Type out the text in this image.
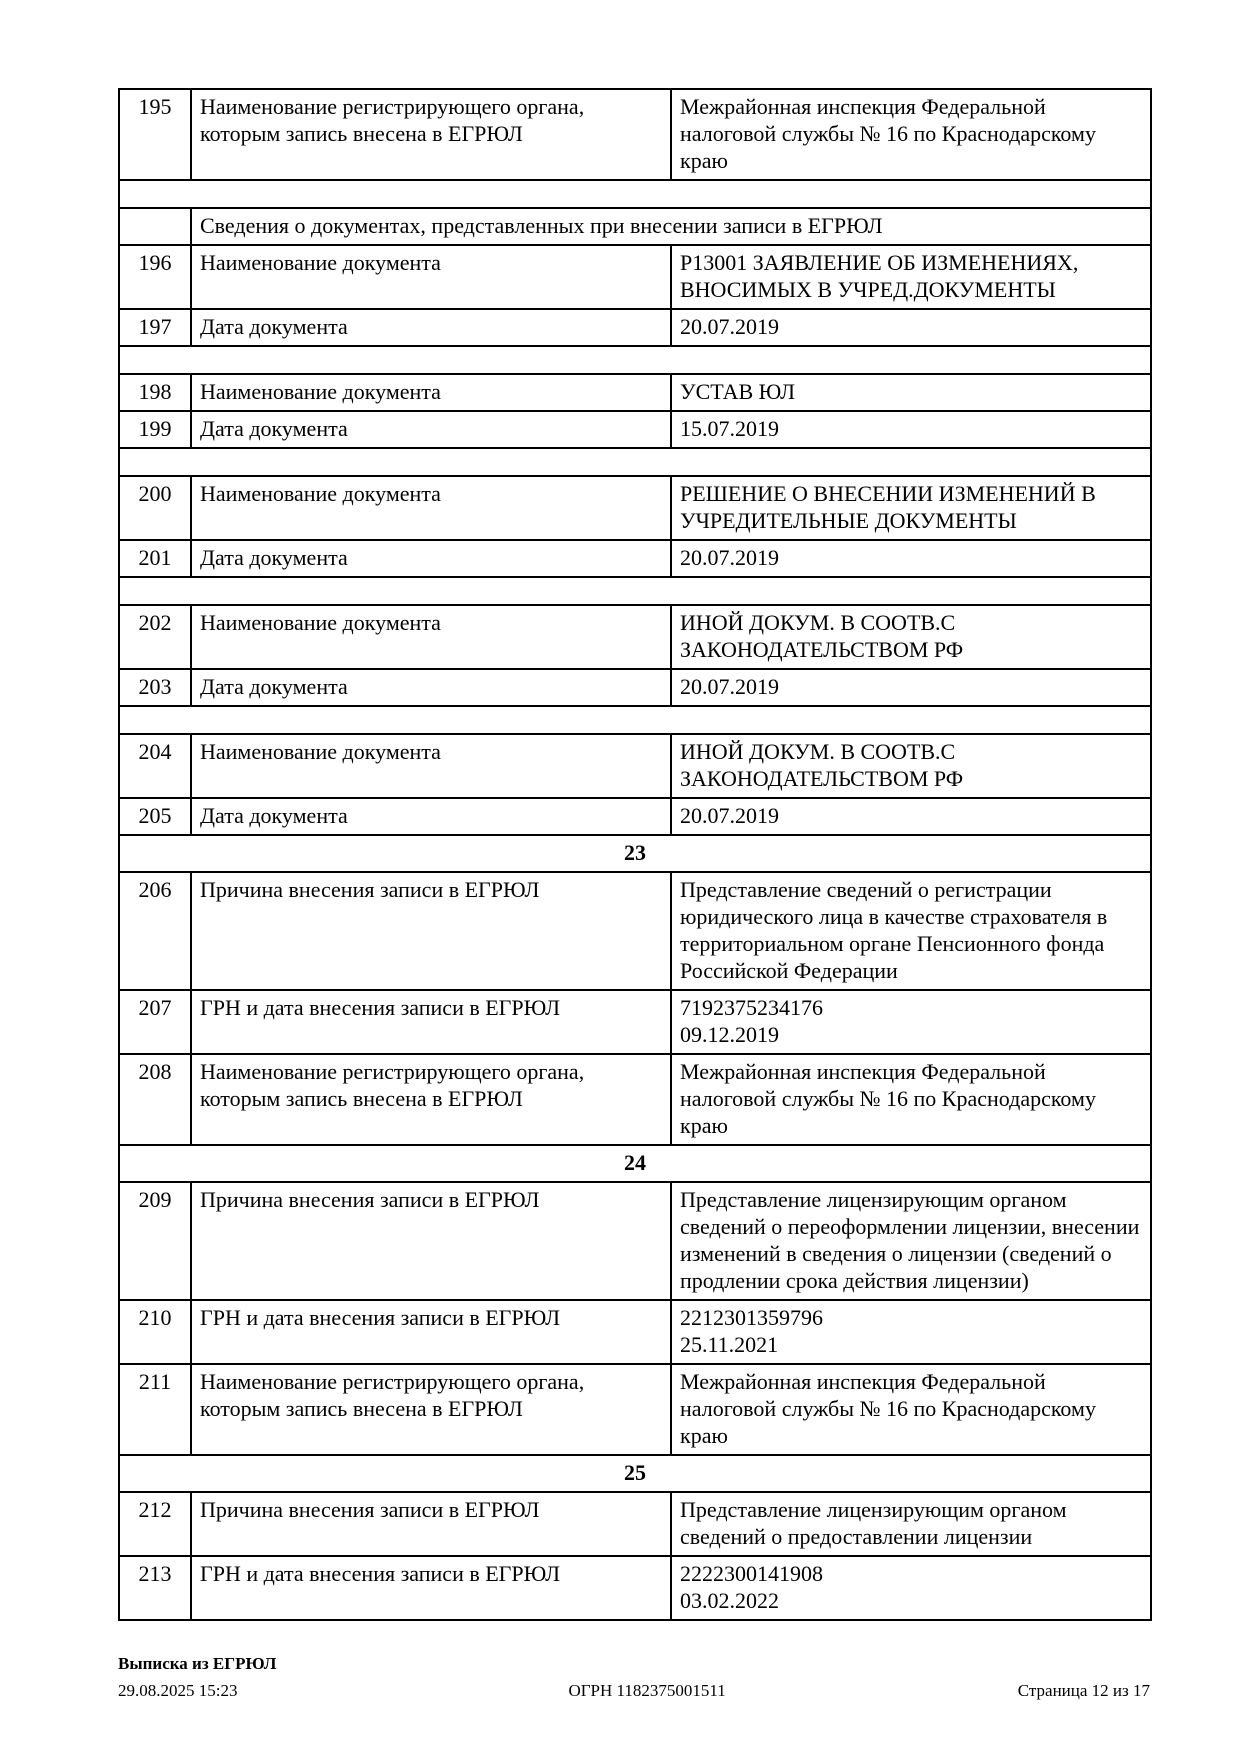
195	Наименование регистрирующего органа, которым запись внесена в ЕГРЮЛ	Межрайонная инспекция Федеральной налоговой службы № 16 по Краснодарскому краю

	Сведения о документах, представленных при внесении записи в ЕГРЮЛ	
196	Наименование документа	Р13001 ЗАЯВЛЕНИЕ ОБ ИЗМЕНЕНИЯХ, ВНОСИМЫХ В УЧРЕД.ДОКУМЕНТЫ

197	Дата документа	20.07.2019

198	Наименование документа	УСТАВ ЮЛ

199	Дата документа	15.07.2019

200	Наименование документа	РЕШЕНИЕ О ВНЕСЕНИИ ИЗМЕНЕНИЙ В УЧРЕДИТЕЛЬНЫЕ ДОКУМЕНТЫ

201	Дата документа	20.07.2019

202	Наименование документа	ИНОЙ ДОКУМ. В СООТВ.С ЗАКОНОДАТЕЛЬСТВОМ РФ

203	Дата документа	20.07.2019

204	Наименование документа	ИНОЙ ДОКУМ. В СООТВ.С ЗАКОНОДАТЕЛЬСТВОМ РФ

205	Дата документа	20.07.2019

23		
206	Причина внесения записи в ЕГРЮЛ	Представление сведений о регистрации юридического лица в качестве страхователя в территориальном органе Пенсионного фонда Российской Федерации

207	ГРН и дата внесения записи в ЕГРЮЛ	7192375234176
09.12.2019

208	Наименование регистрирующего органа, которым запись внесена в ЕГРЮЛ	Межрайонная инспекция Федеральной налоговой службы № 16 по Краснодарскому краю

24		
209	Причина внесения записи в ЕГРЮЛ	Представление лицензирующим органом сведений о переоформлении лицензии, внесении изменений в сведения о лицензии (сведений о продлении срока действия лицензии)

210	ГРН и дата внесения записи в ЕГРЮЛ	2212301359796
25.11.2021

211	Наименование регистрирующего органа, которым запись внесена в ЕГРЮЛ	Межрайонная инспекция Федеральной налоговой службы № 16 по Краснодарскому краю

25		
212	Причина внесения записи в ЕГРЮЛ	Представление лицензирующим органом сведений о предоставлении лицензии

213	ГРН и дата внесения записи в ЕГРЮЛ	2222300141908
03.02.2022
Выписка из ЕГРЮЛ
29.08.2025 15:23	ОГРН 1182375001511	Страница 12 из 17
